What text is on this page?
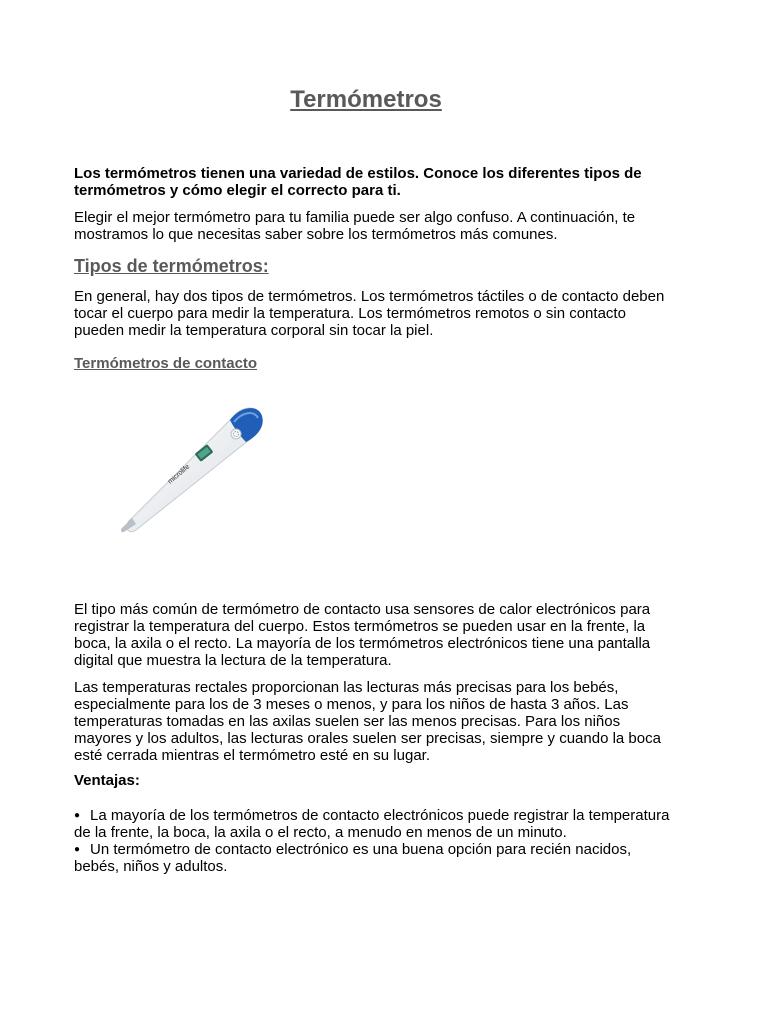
Termómetros

Los termómetros tienen una variedad de estilos. Conoce los diferentes tipos de termómetros y cómo elegir el correcto para ti.

Elegir el mejor termómetro para tu familia puede ser algo confuso. A continuación, te mostramos lo que necesitas saber sobre los termómetros más comunes.

Tipos de termómetros:

En general, hay dos tipos de termómetros. Los termómetros táctiles o de contacto deben tocar el cuerpo para medir la temperatura. Los termómetros remotos o sin contacto pueden medir la temperatura corporal sin tocar la piel.

Termómetros de contacto
microlife

El tipo más común de termómetro de contacto usa sensores de calor electrónicos para registrar la temperatura del cuerpo. Estos termómetros se pueden usar en la frente, la boca, la axila o el recto. La mayoría de los termómetros electrónicos tiene una pantalla digital que muestra la lectura de la temperatura.

Las temperaturas rectales proporcionan las lecturas más precisas para los bebés, especialmente para los de 3 meses o menos, y para los niños de hasta 3 años. Las temperaturas tomadas en las axilas suelen ser las menos precisas. Para los niños mayores y los adultos, las lecturas orales suelen ser precisas, siempre y cuando la boca esté cerrada mientras el termómetro esté en su lugar.

Ventajas:

● La mayoría de los termómetros de contacto electrónicos puede registrar la temperatura de la frente, la boca, la axila o el recto, a menudo en menos de un minuto.
● Un termómetro de contacto electrónico es una buena opción para recién nacidos, bebés, niños y adultos.
